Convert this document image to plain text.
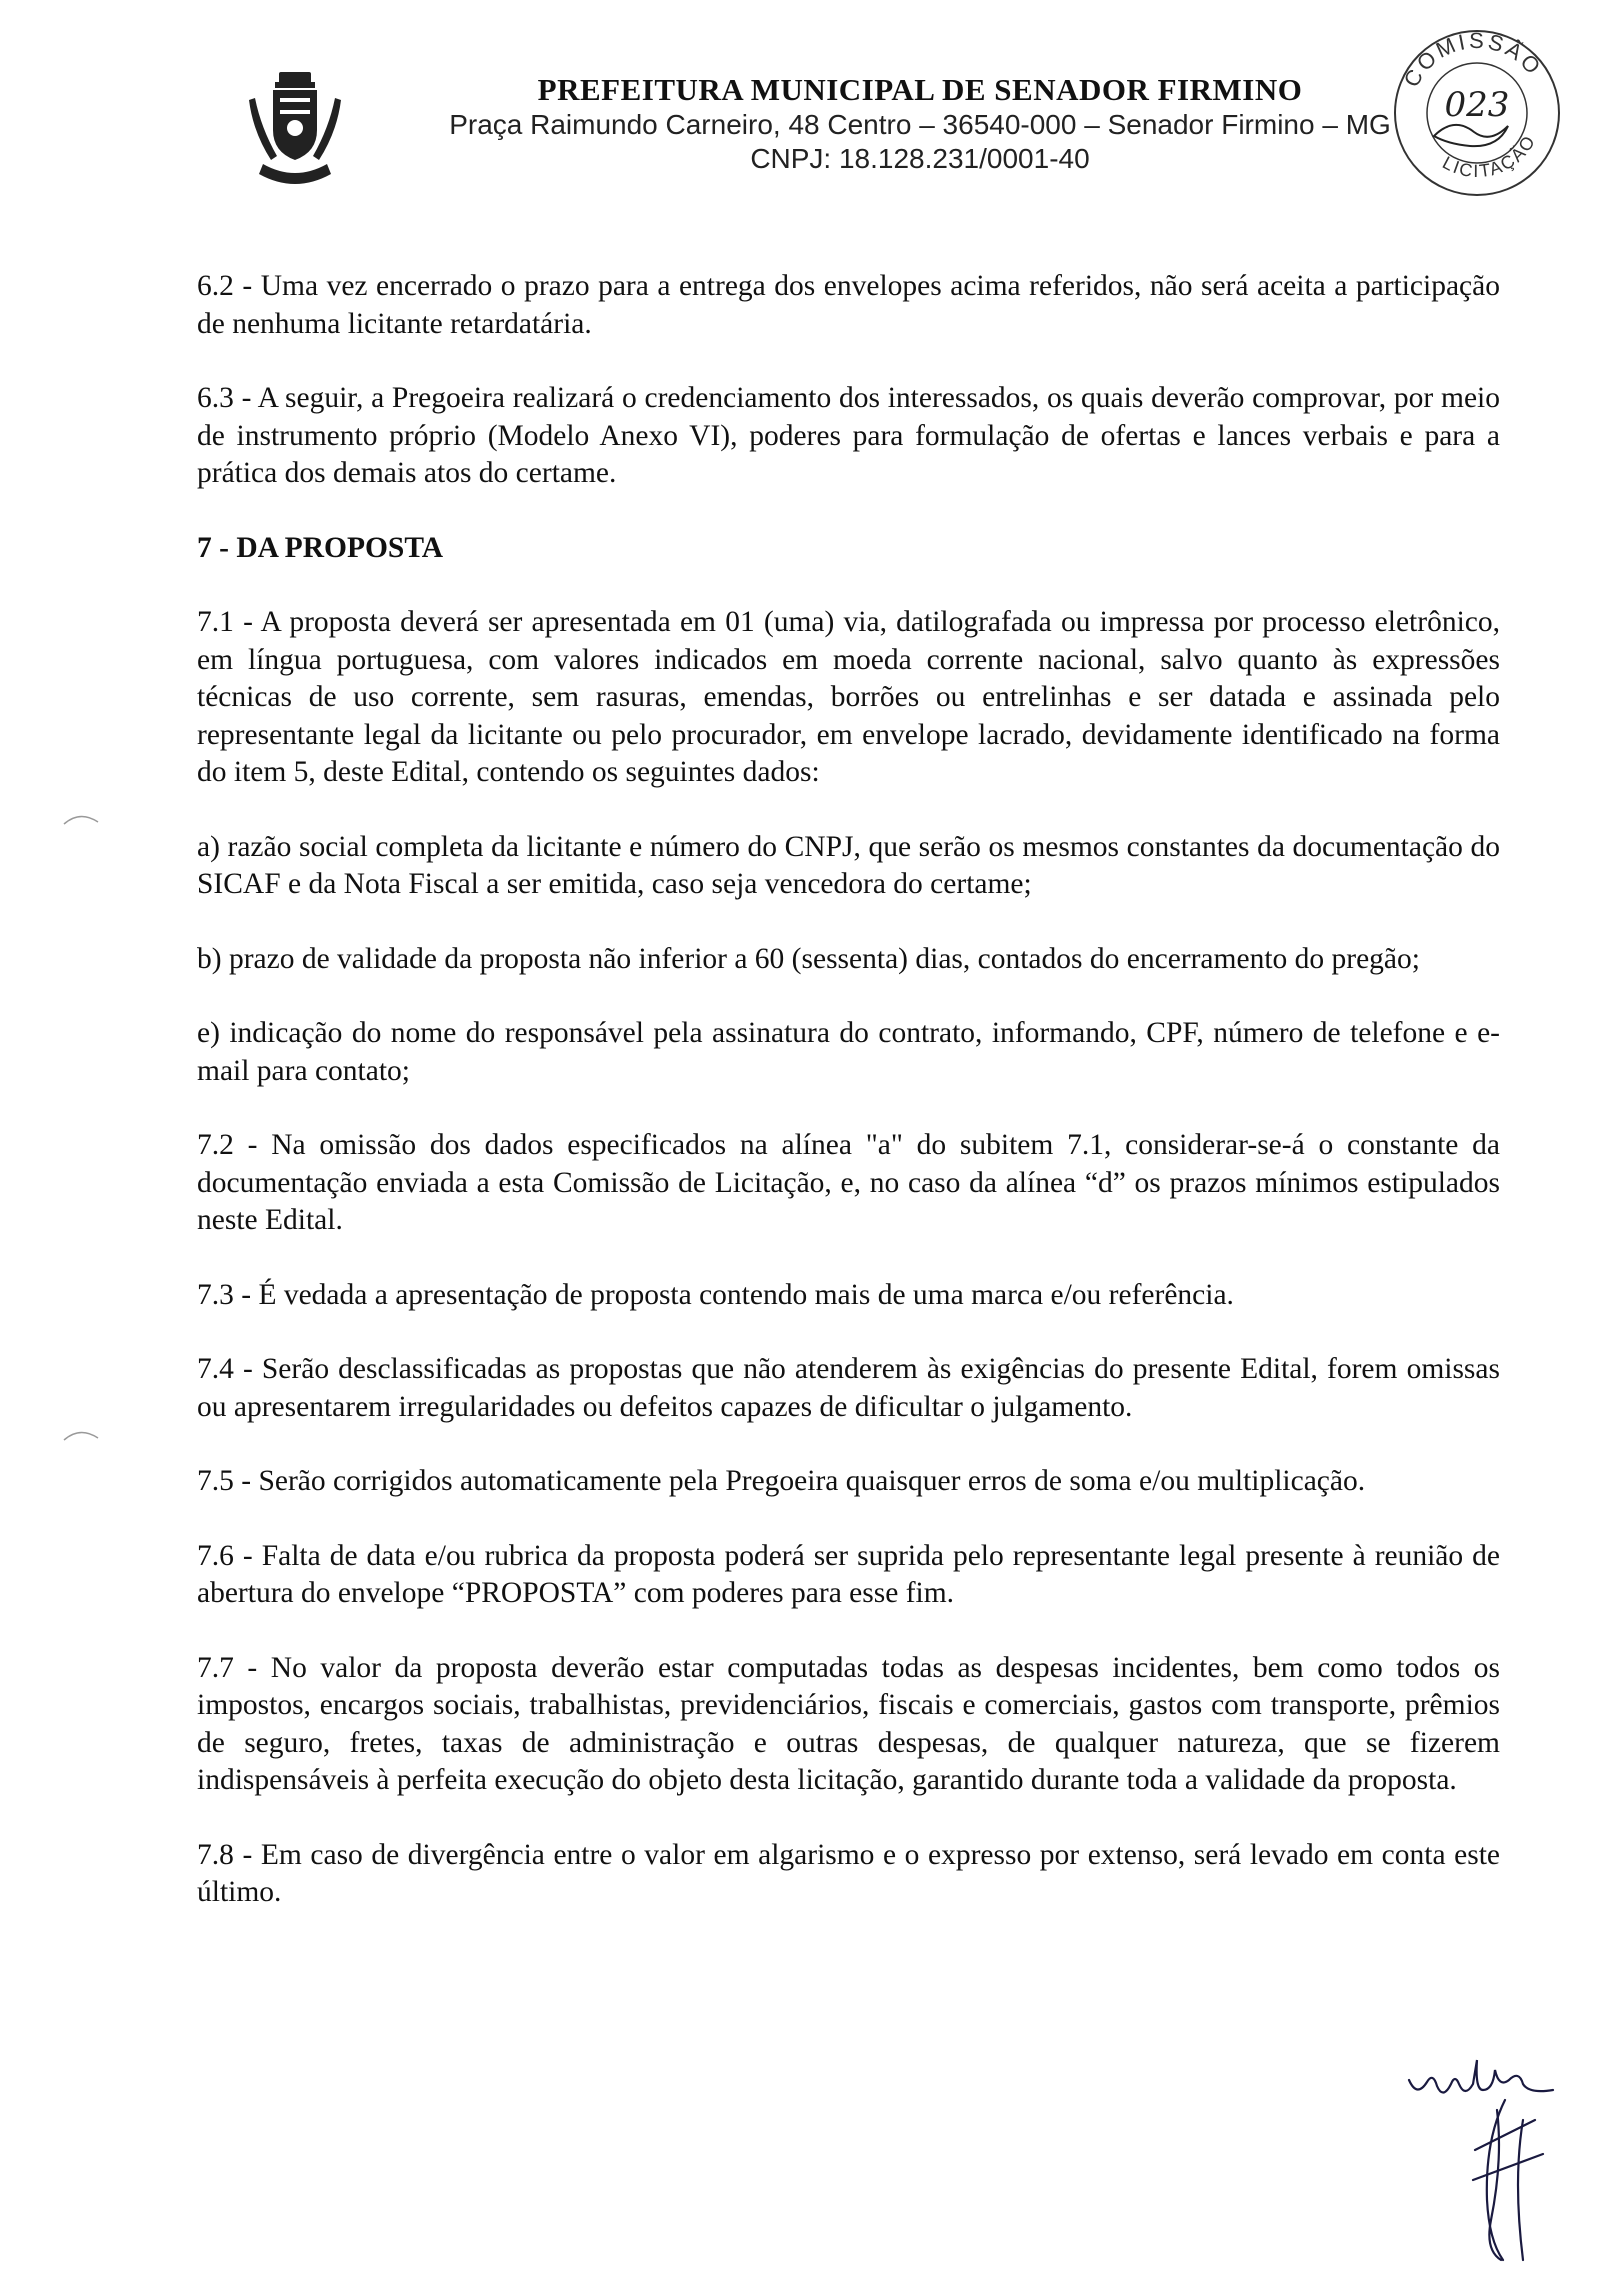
PREFEITURA MUNICIPAL DE SENADOR FIRMINO
Praça Raimundo Carneiro, 48 Centro – 36540-000 – Senador Firmino – MG
CNPJ: 18.128.231/0001-40
COMISSÃO
LICITAÇÃO
023

6.2 - Uma vez encerrado o prazo para a entrega dos envelopes acima referidos, não será aceita a participação de nenhuma licitante retardatária.

6.3 - A seguir, a Pregoeira realizará o credenciamento dos interessados, os quais deverão comprovar, por meio de instrumento próprio (Modelo Anexo VI), poderes para formulação de ofertas e lances verbais e para a prática dos demais atos do certame.

7 - DA PROPOSTA

7.1 - A proposta deverá ser apresentada em 01 (uma) via, datilografada ou impressa por processo eletrônico, em língua portuguesa, com valores indicados em moeda corrente nacional, salvo quanto às expressões técnicas de uso corrente, sem rasuras, emendas, borrões ou entrelinhas e ser datada e assinada pelo representante legal da licitante ou pelo procurador, em envelope lacrado, devidamente identificado na forma do item 5, deste Edital, contendo os seguintes dados:

a) razão social completa da licitante e número do CNPJ, que serão os mesmos constantes da documentação do SICAF e da Nota Fiscal a ser emitida, caso seja vencedora do certame;

b) prazo de validade da proposta não inferior a 60 (sessenta) dias, contados do encerramento do pregão;

e) indicação do nome do responsável pela assinatura do contrato, informando, CPF, número de telefone e e-mail para contato;

7.2 - Na omissão dos dados especificados na alínea "a" do subitem 7.1, considerar-se-á o constante da documentação enviada a esta Comissão de Licitação, e, no caso da alínea “d” os prazos mínimos estipulados neste Edital.

7.3 - É vedada a apresentação de proposta contendo mais de uma marca e/ou referência.

7.4 - Serão desclassificadas as propostas que não atenderem às exigências do presente Edital, forem omissas ou apresentarem irregularidades ou defeitos capazes de dificultar o julgamento.

7.5 - Serão corrigidos automaticamente pela Pregoeira quaisquer erros de soma e/ou multiplicação.

7.6 - Falta de data e/ou rubrica da proposta poderá ser suprida pelo representante legal presente à reunião de abertura do envelope “PROPOSTA” com poderes para esse fim.

7.7 - No valor da proposta deverão estar computadas todas as despesas incidentes, bem como todos os impostos, encargos sociais, trabalhistas, previdenciários, fiscais e comerciais, gastos com transporte, prêmios de seguro, fretes, taxas de administração e outras despesas, de qualquer natureza, que se fizerem indispensáveis à perfeita execução do objeto desta licitação, garantido durante toda a validade da proposta.

7.8 - Em caso de divergência entre o valor em algarismo e o expresso por extenso, será levado em conta este último.
